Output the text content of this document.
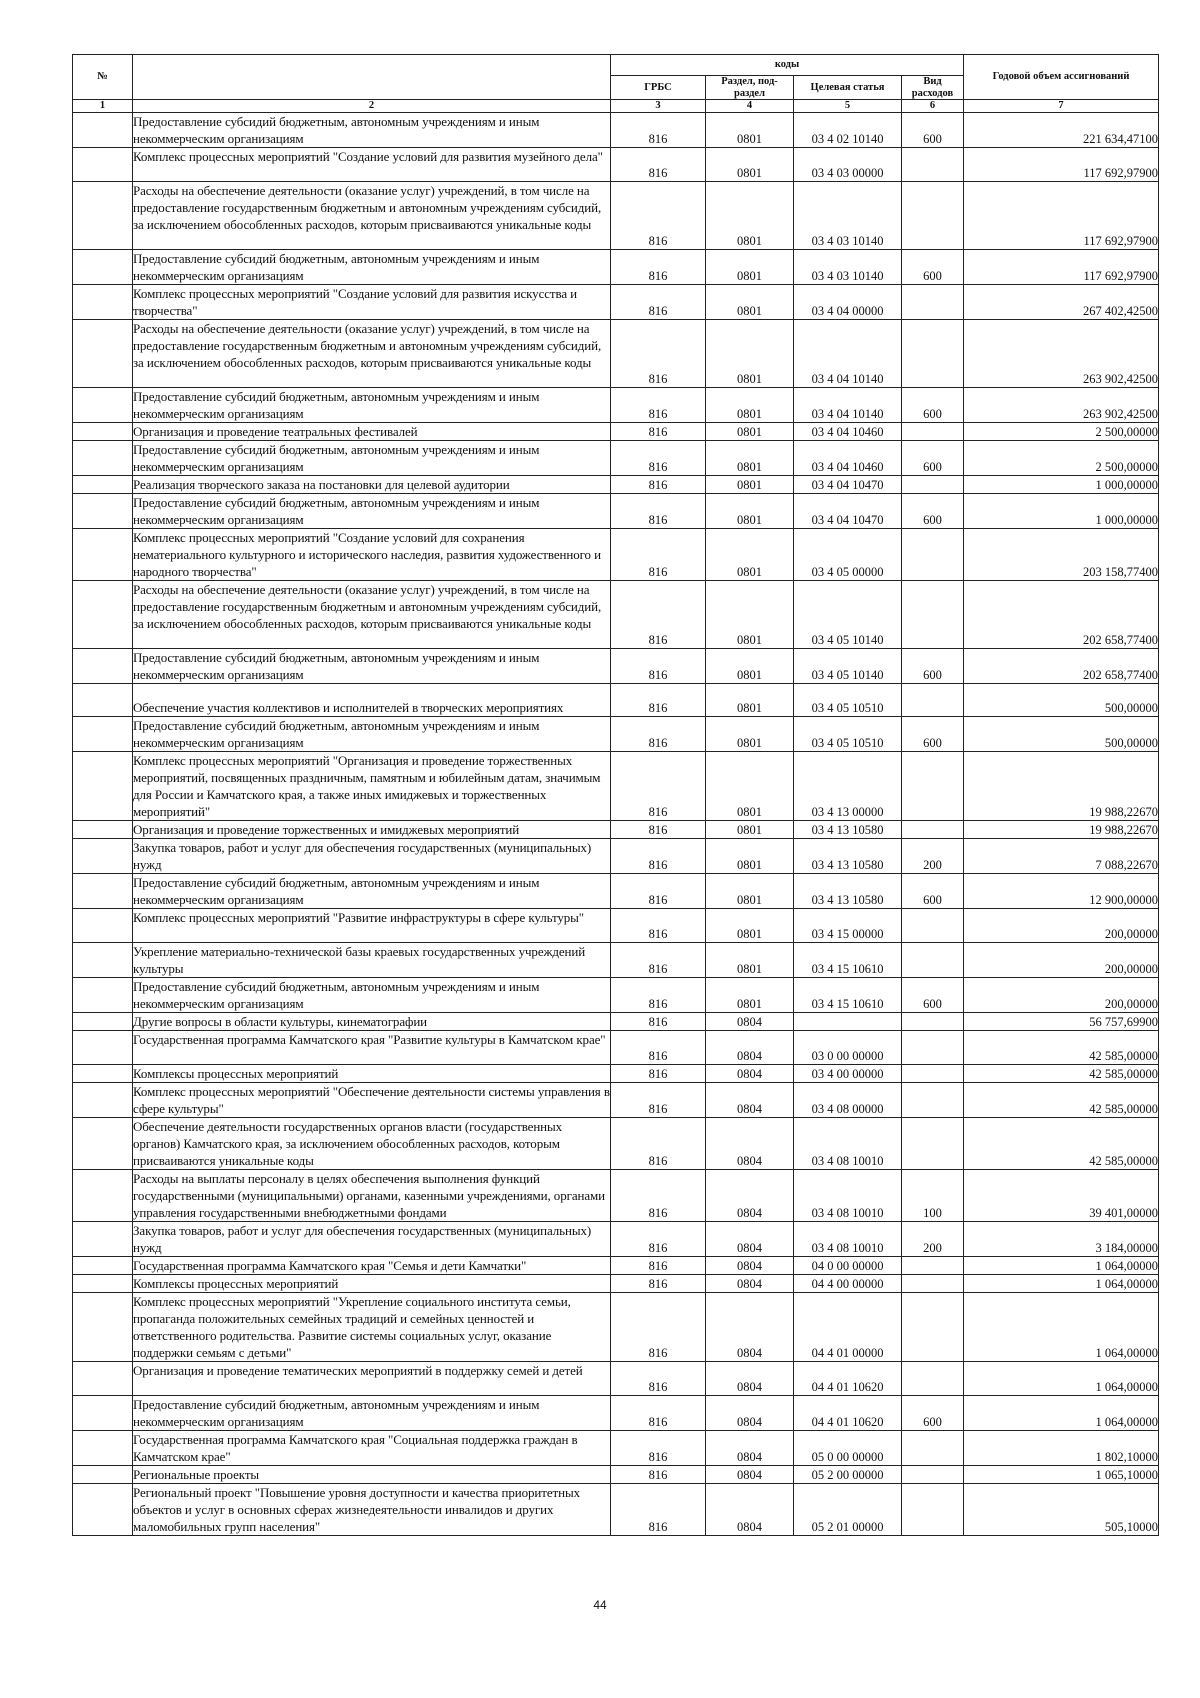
№		коды				Годовой объем ассигнований
		ГРБС	Раздел, под-раздел	Целевая статья	Вид расходов	
1	2	3	4	5	6	7
	Предоставление субсидий бюджетным, автономным учреждениям и иным некоммерческим организациям	816	0801	03 4 02 10140	600	221 634,47100
	Комплекс процессных мероприятий "Создание условий для развития музейного дела"	816	0801	03 4 03 00000		117 692,97900
	Расходы на обеспечение деятельности (оказание услуг) учреждений, в том числе на предоставление государственным бюджетным и автономным учреждениям субсидий, за исключением обособленных расходов, которым присваиваются уникальные коды	816	0801	03 4 03 10140		117 692,97900
	Предоставление субсидий бюджетным, автономным учреждениям и иным некоммерческим организациям	816	0801	03 4 03 10140	600	117 692,97900
	Комплекс процессных мероприятий "Создание условий для развития искусства и творчества"	816	0801	03 4 04 00000		267 402,42500
	Расходы на обеспечение деятельности (оказание услуг) учреждений, в том числе на предоставление государственным бюджетным и автономным учреждениям субсидий, за исключением обособленных расходов, которым присваиваются уникальные коды	816	0801	03 4 04 10140		263 902,42500
	Предоставление субсидий бюджетным, автономным учреждениям и иным некоммерческим организациям	816	0801	03 4 04 10140	600	263 902,42500
	Организация и проведение театральных фестивалей	816	0801	03 4 04 10460		2 500,00000
	Предоставление субсидий бюджетным, автономным учреждениям и иным некоммерческим организациям	816	0801	03 4 04 10460	600	2 500,00000
	Реализация творческого заказа на постановки для целевой аудитории	816	0801	03 4 04 10470		1 000,00000
	Предоставление субсидий бюджетным, автономным учреждениям и иным некоммерческим организациям	816	0801	03 4 04 10470	600	1 000,00000
	Комплекс процессных мероприятий "Создание условий для сохранения нематериального культурного и исторического наследия, развития художественного и народного творчества"	816	0801	03 4 05 00000		203 158,77400
	Расходы на обеспечение деятельности (оказание услуг) учреждений, в том числе на предоставление государственным бюджетным и автономным учреждениям субсидий, за исключением обособленных расходов, которым присваиваются уникальные коды	816	0801	03 4 05 10140		202 658,77400
	Предоставление субсидий бюджетным, автономным учреждениям и иным некоммерческим организациям	816	0801	03 4 05 10140	600	202 658,77400
	Обеспечение участия коллективов и исполнителей в творческих мероприятиях	816	0801	03 4 05 10510		500,00000
	Предоставление субсидий бюджетным, автономным учреждениям и иным некоммерческим организациям	816	0801	03 4 05 10510	600	500,00000
	Комплекс процессных мероприятий "Организация и проведение торжественных мероприятий, посвященных праздничным, памятным и юбилейным датам, значимым для России и Камчатского края, а также иных имиджевых и торжественных мероприятий"	816	0801	03 4 13 00000		19 988,22670
	Организация и проведение торжественных и имиджевых мероприятий	816	0801	03 4 13 10580		19 988,22670
	Закупка товаров, работ и услуг для обеспечения государственных (муниципальных) нужд	816	0801	03 4 13 10580	200	7 088,22670
	Предоставление субсидий бюджетным, автономным учреждениям и иным некоммерческим организациям	816	0801	03 4 13 10580	600	12 900,00000
	Комплекс процессных мероприятий "Развитие инфраструктуры в сфере культуры"	816	0801	03 4 15 00000		200,00000
	Укрепление материально-технической базы краевых государственных учреждений культуры	816	0801	03 4 15 10610		200,00000
	Предоставление субсидий бюджетным, автономным учреждениям и иным некоммерческим организациям	816	0801	03 4 15 10610	600	200,00000
	Другие вопросы в области культуры, кинематографии	816	0804			56 757,69900
	Государственная программа Камчатского края "Развитие культуры в Камчатском крае"	816	0804	03 0 00 00000		42 585,00000
	Комплексы процессных мероприятий	816	0804	03 4 00 00000		42 585,00000
	Комплекс процессных мероприятий "Обеспечение деятельности системы управления в сфере культуры"	816	0804	03 4 08 00000		42 585,00000
	Обеспечение деятельности государственных органов власти (государственных органов) Камчатского края, за исключением обособленных расходов, которым присваиваются уникальные коды	816	0804	03 4 08 10010		42 585,00000
	Расходы на выплаты персоналу в целях обеспечения выполнения функций государственными (муниципальными) органами, казенными учреждениями, органами управления государственными внебюджетными фондами	816	0804	03 4 08 10010	100	39 401,00000
	Закупка товаров, работ и услуг для обеспечения государственных (муниципальных) нужд	816	0804	03 4 08 10010	200	3 184,00000
	Государственная программа Камчатского края "Семья и дети Камчатки"	816	0804	04 0 00 00000		1 064,00000
	Комплексы процессных мероприятий	816	0804	04 4 00 00000		1 064,00000
	Комплекс процессных мероприятий "Укрепление социального института семьи, пропаганда положительных семейных традиций и семейных ценностей и ответственного родительства. Развитие системы социальных услуг, оказание поддержки семьям с детьми"	816	0804	04 4 01 00000		1 064,00000
	Организация и проведение тематических мероприятий в поддержку семей и детей	816	0804	04 4 01 10620		1 064,00000
	Предоставление субсидий бюджетным, автономным учреждениям и иным некоммерческим организациям	816	0804	04 4 01 10620	600	1 064,00000
	Государственная программа Камчатского края "Социальная поддержка граждан в Камчатском крае"	816	0804	05 0 00 00000		1 802,10000
	Региональные проекты	816	0804	05 2 00 00000		1 065,10000
	Региональный проект "Повышение уровня доступности и качества приоритетных объектов и услуг в основных сферах жизнедеятельности инвалидов и других маломобильных групп населения"	816	0804	05 2 01 00000		505,10000
44
